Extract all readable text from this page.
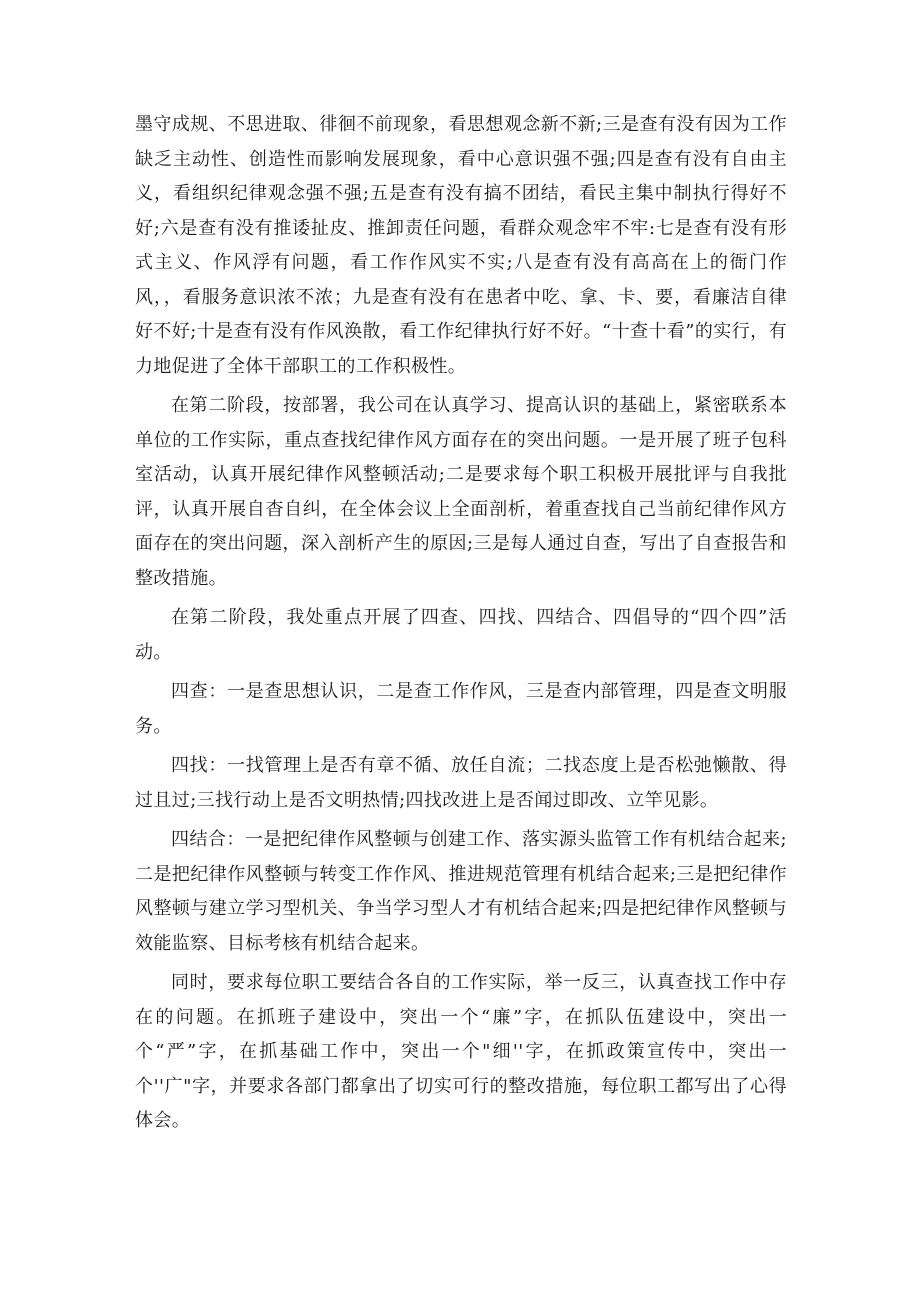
墨守成规、不思进取、徘徊不前现象，看思想观念新不新;三是查有没有因为工作缺乏主动性、创造性而影响发展现象，看中心意识强不强;四是查有没有自由主义，看组织纪律观念强不强;五是查有没有搞不团结，看民主集中制执行得好不好;六是查有没有推诿扯皮、推卸责任问题，看群众观念牢不牢:七是查有没有形式主义、作风浮有问题，看工作作风实不实;八是查有没有高高在上的衙门作风，，看服务意识浓不浓；九是查有没有在患者中吃、拿、卡、要，看廉洁自律好不好;十是查有没有作风涣散，看工作纪律执行好不好。“十查十看”的实行，有力地促进了全体干部职工的工作积极性。

在第二阶段，按部署，我公司在认真学习、提高认识的基础上，紧密联系本单位的工作实际，重点查找纪律作风方面存在的突出问题。一是开展了班子包科室活动，认真开展纪律作风整顿活动;二是要求每个职工积极开展批评与自我批评，认真开展自杳自纠，在全体会议上全面剖析，着重查找自己当前纪律作风方面存在的突出问题，深入剖析产生的原因;三是每人通过自查，写出了自查报告和整改措施。

在第二阶段，我处重点开展了四查、四找、四结合、四倡导的“四个四”活动。

四查：一是查思想认识，二是查工作作风，三是查内部管理，四是查文明服务。

四找：一找管理上是否有章不循、放任自流；二找态度上是否松弛懒散、得过且过;三找行动上是否文明热情;四找改进上是否闻过即改、立竿见影。

四结合：一是把纪律作风整顿与创建工作、落实源头监管工作有机结合起来;二是把纪律作风整顿与转变工作作风、推进规范管理有机结合起来;三是把纪律作风整顿与建立学习型机关、争当学习型人才有机结合起来;四是把纪律作风整顿与效能监察、目标考核有机结合起来。

同时，要求每位职工要结合各自的工作实际，举一反三，认真查找工作中存在的问题。在抓班子建设中，突出一个“廉”字，在抓队伍建设中，突出一个“严”字，在抓基础工作中，突出一个"细''字，在抓政策宣传中，突出一个''广"字，并要求各部门都拿出了切实可行的整改措施，每位职工都写出了心得体会。
